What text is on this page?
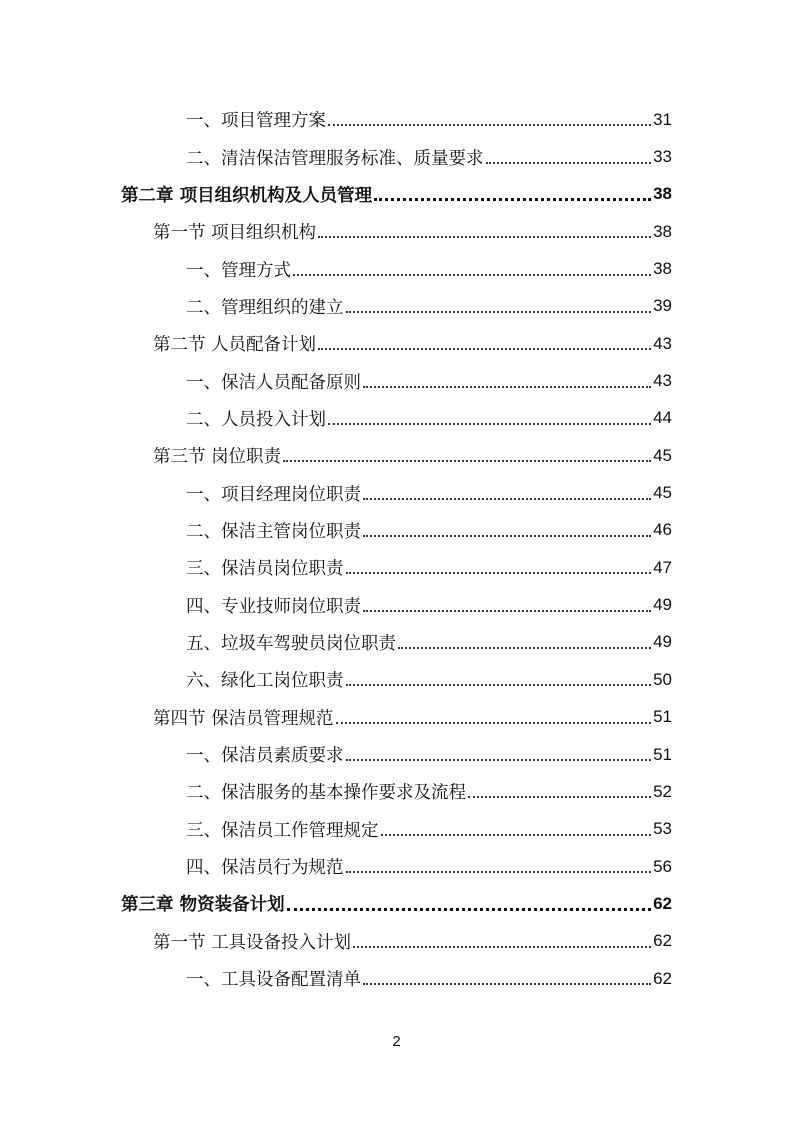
一、项目管理方案	31
二、清洁保洁管理服务标准、质量要求	33
第二章 项目组织机构及人员管理	38
第一节 项目组织机构	38
一、管理方式	38
二、管理组织的建立	39
第二节 人员配备计划	43
一、保洁人员配备原则	43
二、人员投入计划	44
第三节 岗位职责	45
一、项目经理岗位职责	45
二、保洁主管岗位职责	46
三、保洁员岗位职责	47
四、专业技师岗位职责	49
五、垃圾车驾驶员岗位职责	49
六、绿化工岗位职责	50
第四节 保洁员管理规范	51
一、保洁员素质要求	51
二、保洁服务的基本操作要求及流程	52
三、保洁员工作管理规定	53
四、保洁员行为规范	56
第三章 物资装备计划	62
第一节 工具设备投入计划	62
一、工具设备配置清单	62
2
